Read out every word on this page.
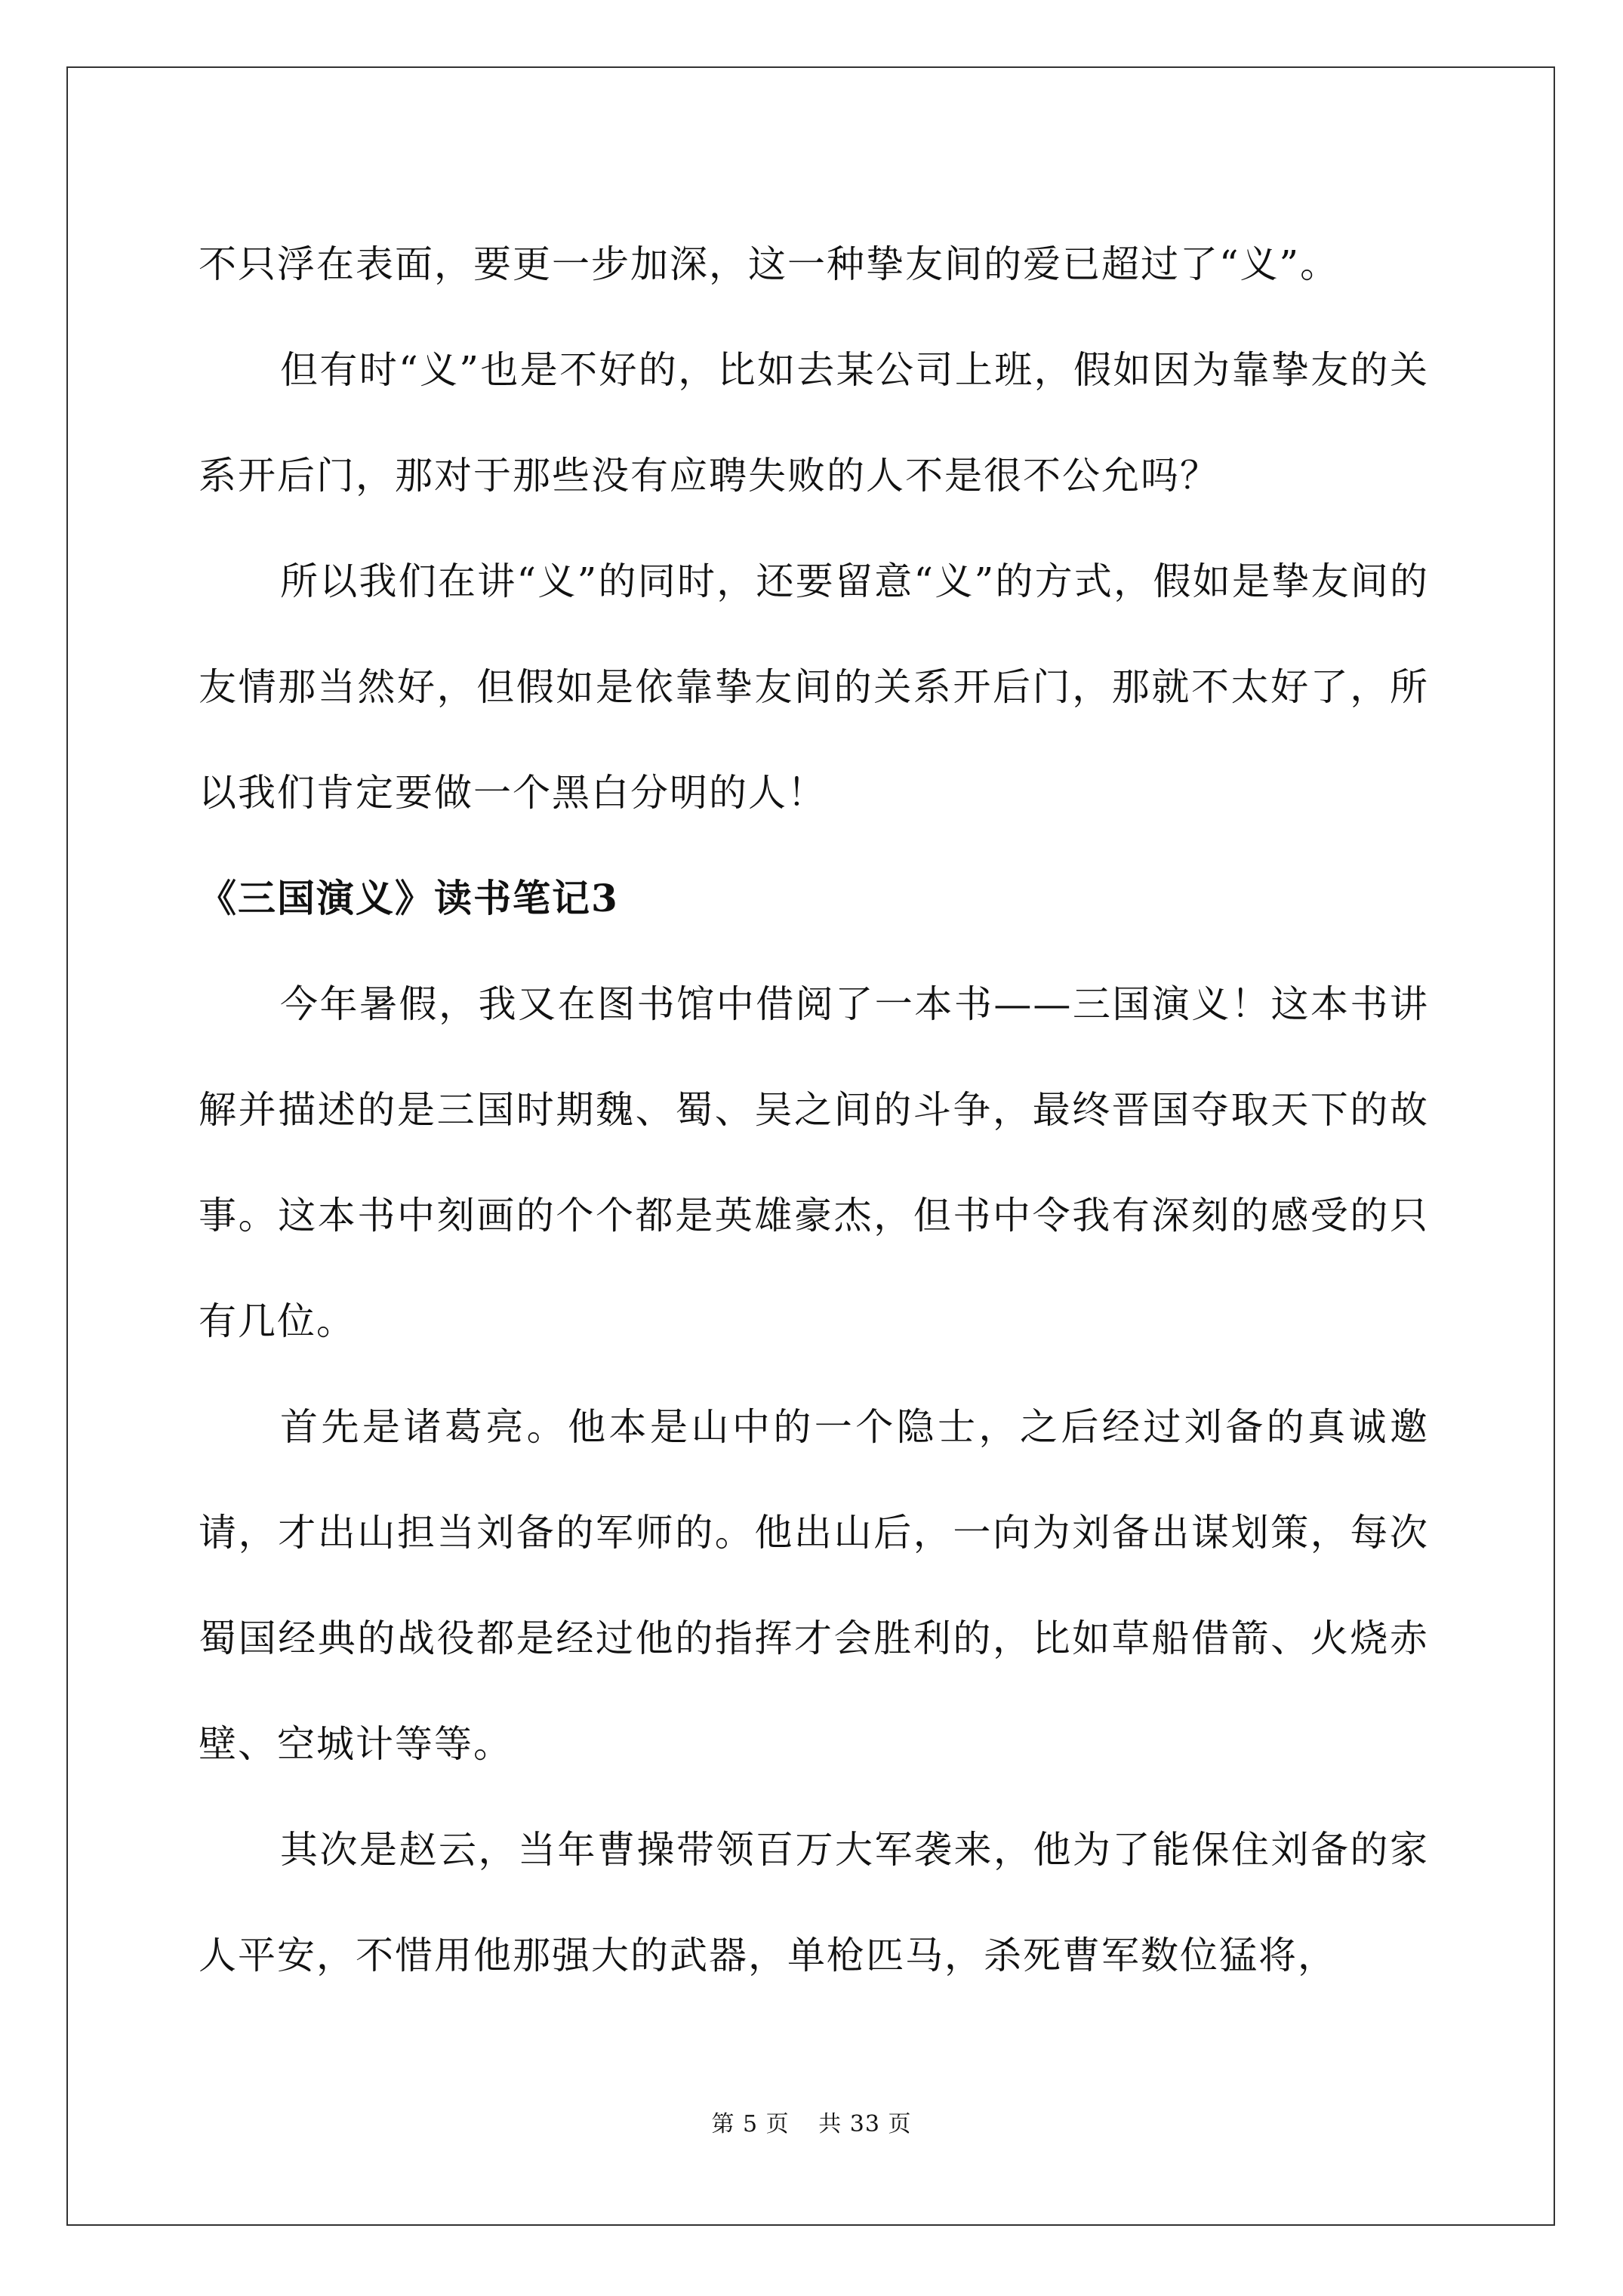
不只浮在表面，要更一步加深，这一种挚友间的爱已超过了“义”。

但有时“义”也是不好的，比如去某公司上班，假如因为靠挚友的关系开后门，那对于那些没有应聘失败的人不是很不公允吗？

所以我们在讲“义”的同时，还要留意“义”的方式，假如是挚友间的友情那当然好，但假如是依靠挚友间的关系开后门，那就不太好了，所以我们肯定要做一个黑白分明的人！

《三国演义》读书笔记3

今年暑假，我又在图书馆中借阅了一本书——三国演义！这本书讲解并描述的是三国时期魏、蜀、吴之间的斗争，最终晋国夺取天下的故事。这本书中刻画的个个都是英雄豪杰，但书中令我有深刻的感受的只有几位。

首先是诸葛亮。他本是山中的一个隐士，之后经过刘备的真诚邀请，才出山担当刘备的军师的。他出山后，一向为刘备出谋划策，每次蜀国经典的战役都是经过他的指挥才会胜利的，比如草船借箭、火烧赤壁、空城计等等。

其次是赵云，当年曹操带领百万大军袭来，他为了能保住刘备的家人平安，不惜用他那强大的武器，单枪匹马，杀死曹军数位猛将，

第 5 页 共 33 页
